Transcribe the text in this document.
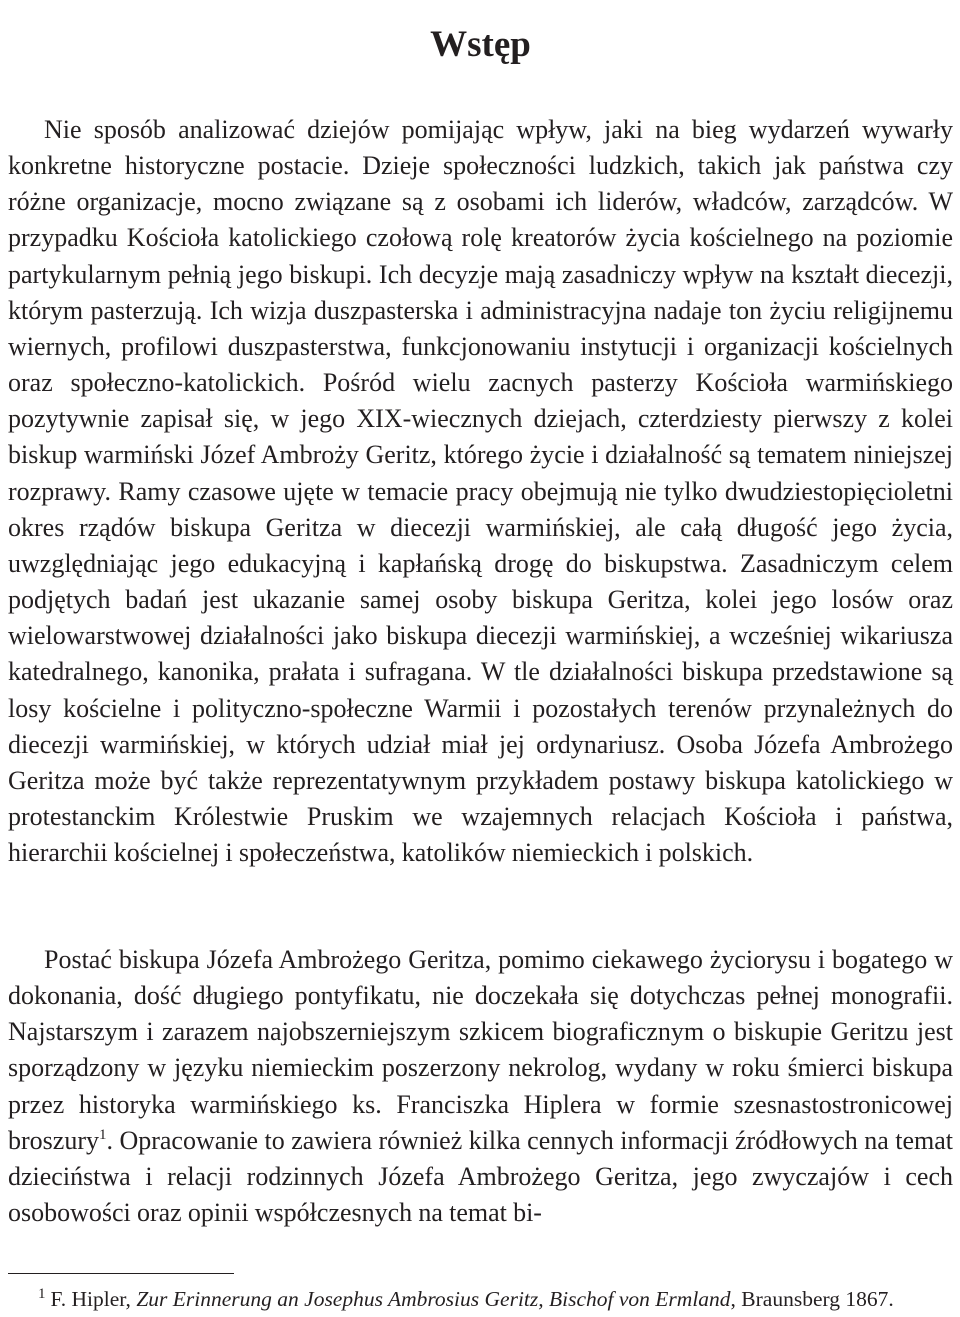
Wstęp

Nie sposób analizować dziejów pomijając wpływ, jaki na bieg wydarzeń wywarły konkretne historyczne postacie. Dzieje społeczności ludzkich, takich jak państwa czy różne organizacje, mocno związane są z osobami ich liderów, władców, zarządców. W przypadku Kościoła katolickiego czołową rolę kreatorów życia kościelnego na poziomie partykularnym pełnią jego biskupi. Ich decyzje mają zasadniczy wpływ na kształt diecezji, którym pasterzują. Ich wizja duszpasterska i administracyjna nadaje ton życiu religijnemu wiernych, profilowi duszpasterstwa, funkcjonowaniu instytucji i organizacji kościelnych oraz społeczno-katolickich. Pośród wielu zacnych pasterzy Kościoła warmińskiego pozytywnie zapisał się, w jego XIX-wiecznych dziejach, czterdziesty pierwszy z kolei biskup warmiński Józef Ambroży Geritz, którego życie i działalność są tematem niniejszej rozprawy. Ramy czasowe ujęte w temacie pracy obejmują nie tylko dwudziestopięcioletni okres rządów biskupa Geritza w diecezji warmińskiej, ale całą długość jego życia, uwzględniając jego edukacyjną i kapłańską drogę do biskupstwa. Zasadniczym celem podjętych badań jest ukazanie samej osoby biskupa Geritza, kolei jego losów oraz wielowarstwowej działalności jako biskupa diecezji warmińskiej, a wcześniej wikariusza katedralnego, kanonika, prałata i sufragana. W tle działalności biskupa przedstawione są losy kościelne i polityczno-społeczne Warmii i pozostałych terenów przynależnych do diecezji warmińskiej, w których udział miał jej ordynariusz. Osoba Józefa Ambrożego Geritza może być także reprezentatywnym przykładem postawy biskupa katolickiego w protestanckim Królestwie Pruskim we wzajemnych relacjach Kościoła i państwa, hierarchii kościelnej i społeczeństwa, katolików niemieckich i polskich.

Postać biskupa Józefa Ambrożego Geritza, pomimo ciekawego życiorysu i bogatego w dokonania, dość długiego pontyfikatu, nie doczekała się dotychczas pełnej monografii. Najstarszym i zarazem najobszerniejszym szkicem biograficznym o biskupie Geritzu jest sporządzony w języku niemieckim poszerzony nekrolog, wydany w roku śmierci biskupa przez historyka warmińskiego ks. Franciszka Hiplera w formie szesnastostronicowej broszury$^1$. Opracowanie to zawiera również kilka cennych informacji źródłowych na temat dzieciństwa i relacji rodzinnych Józefa Ambrożego Geritza, jego zwyczajów i cech osobowości oraz opinii współczesnych na temat bi-

$^1$ F. Hipler, Zur Erinnerung an Josephus Ambrosius Geritz, Bischof von Ermland, Braunsberg 1867.
